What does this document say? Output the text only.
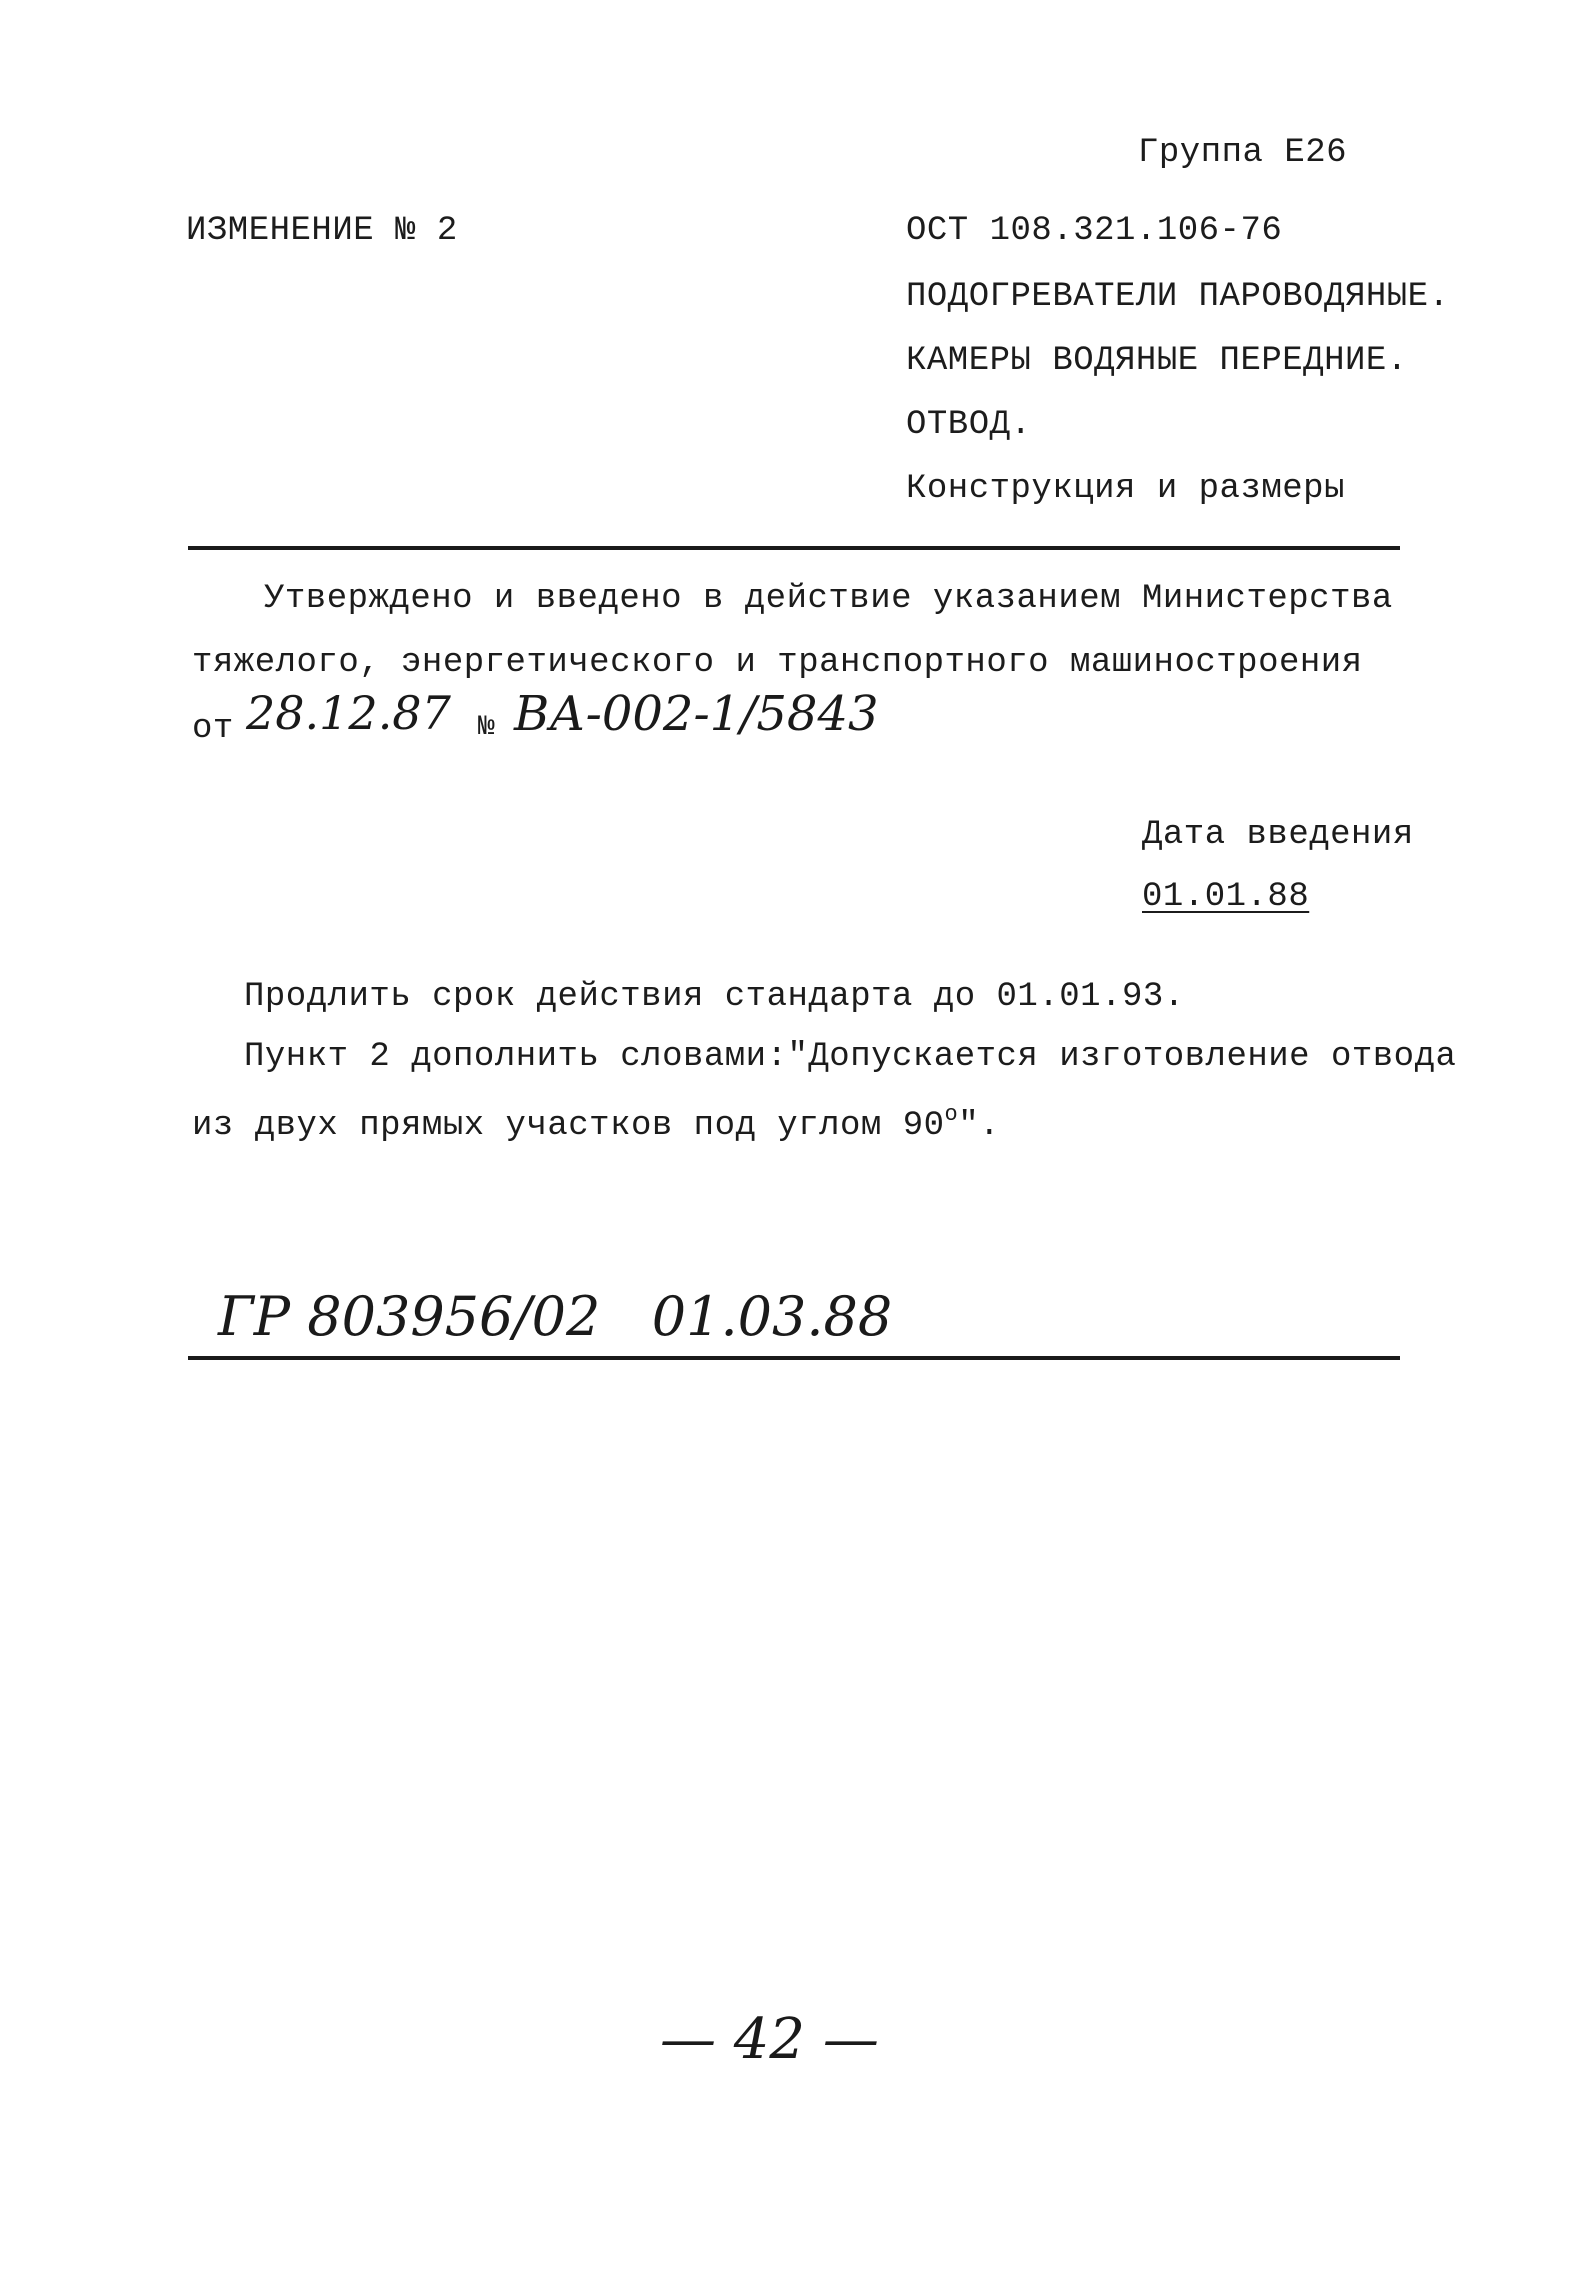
Группа Е26
ИЗМЕНЕНИЕ № 2	ОСТ 108.321.106-76
ПОДОГРЕВАТЕЛИ ПАРОВОДЯНЫЕ.
КАМЕРЫ ВОДЯНЫЕ ПЕРЕДНИЕ.
ОТВОД.
Конструкция и размеры
Утверждено и введено в действие указанием Министерства
тяжелого, энергетического и транспортного машиностроения
от 28.12.87 № ВА-002-1/5843
Дата введения
01.01.88
Продлить срок действия стандарта до 01.01.93.
Пункт 2 дополнить словами:"Допускается изготовление отвода
из двух прямых участков под углом $90^о$".
ГР 803956/02   01.03.88
— 42 —
